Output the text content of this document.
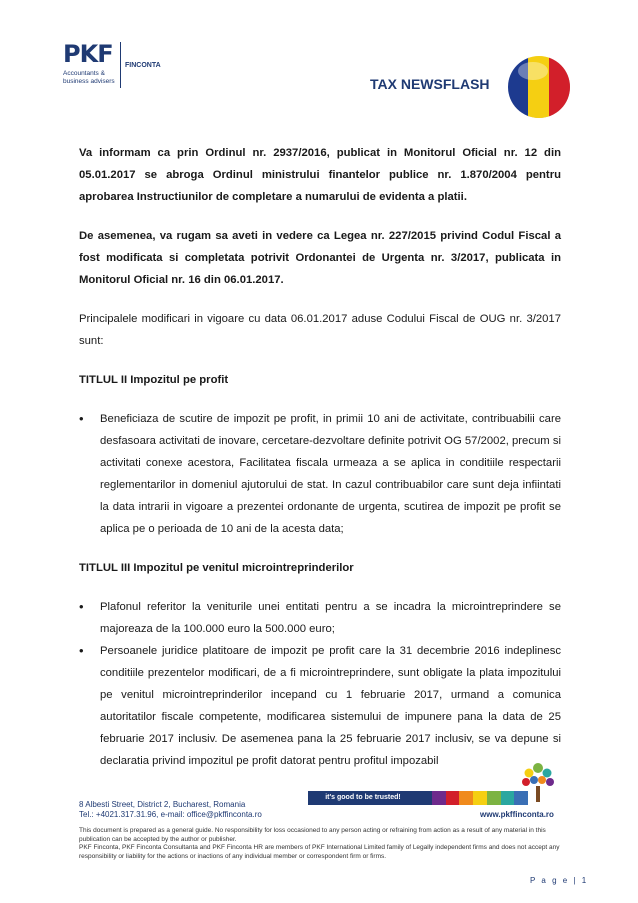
PKF
Accountants & business advisers
FINCONTA
TAX NEWSFLASH

Va informam ca prin Ordinul nr. 2937/2016, publicat in Monitorul Oficial nr. 12 din 05.01.2017 se abroga Ordinul ministrului finantelor publice nr. 1.870/2004 pentru aprobarea Instructiunilor de completare a numarului de evidenta a platii.

De asemenea, va rugam sa aveti in vedere ca Legea nr. 227/2015 privind Codul Fiscal a fost modificata si completata potrivit Ordonantei de Urgenta nr. 3/2017, publicata in Monitorul Oficial nr. 16 din 06.01.2017.

Principalele modificari in vigoare cu data 06.01.2017 aduse Codului Fiscal de OUG nr. 3/2017 sunt:

TITLUL II Impozitul pe profit
• Beneficiaza de scutire de impozit pe profit, in primii 10 ani de activitate, contribuabilii care desfasoara activitati de inovare, cercetare-dezvoltare definite potrivit OG 57/2002, precum si activitati conexe acestora, Facilitatea fiscala urmeaza a se aplica in conditiile respectarii reglementarilor in domeniul ajutorului de stat. In cazul contribuabilor care sunt deja infiintati la data intrarii in vigoare a prezentei ordonante de urgenta, scutirea de impozit pe profit se aplica pe o perioada de 10 ani de la acesta data;
TITLUL III Impozitul pe venitul microintreprinderilor
• Plafonul referitor la veniturile unei entitati pentru a se incadra la microintreprindere se majoreaza de la 100.000 euro la 500.000 euro;
• Persoanele juridice platitoare de impozit pe profit care la 31 decembrie 2016 indeplinesc conditiile prezentelor modificari, de a fi microintreprindere, sunt obligate la plata impozitului pe venitul microintreprinderilor incepand cu 1 februarie 2017, urmand a comunica autoritatilor fiscale competente, modificarea sistemului de impunere pana la data de 25 februarie 2017 inclusiv. De asemenea pana la 25 februarie 2017 inclusiv, se va depune si declaratia privind impozitul pe profit datorat pentru profitul impozabil
8 Albesti Street, District 2, Bucharest, Romania
Tel.: +4021.317.31.96, e-mail: office@pkffinconta.ro
it's good to be trusted!
www.pkffinconta.ro
This document is prepared as a general guide. No responsibility for loss occasioned to any person acting or refraining from action as a result of any material in this publication can be accepted by the author or publisher.
PKF Finconta, PKF Finconta Consultanta and PKF Finconta HR are members of PKF International Limited family of Legally independent firms and does not accept any responsibility or liability for the actions or inactions of any individual member or correspondent firm or firms.
P a g e | 1
